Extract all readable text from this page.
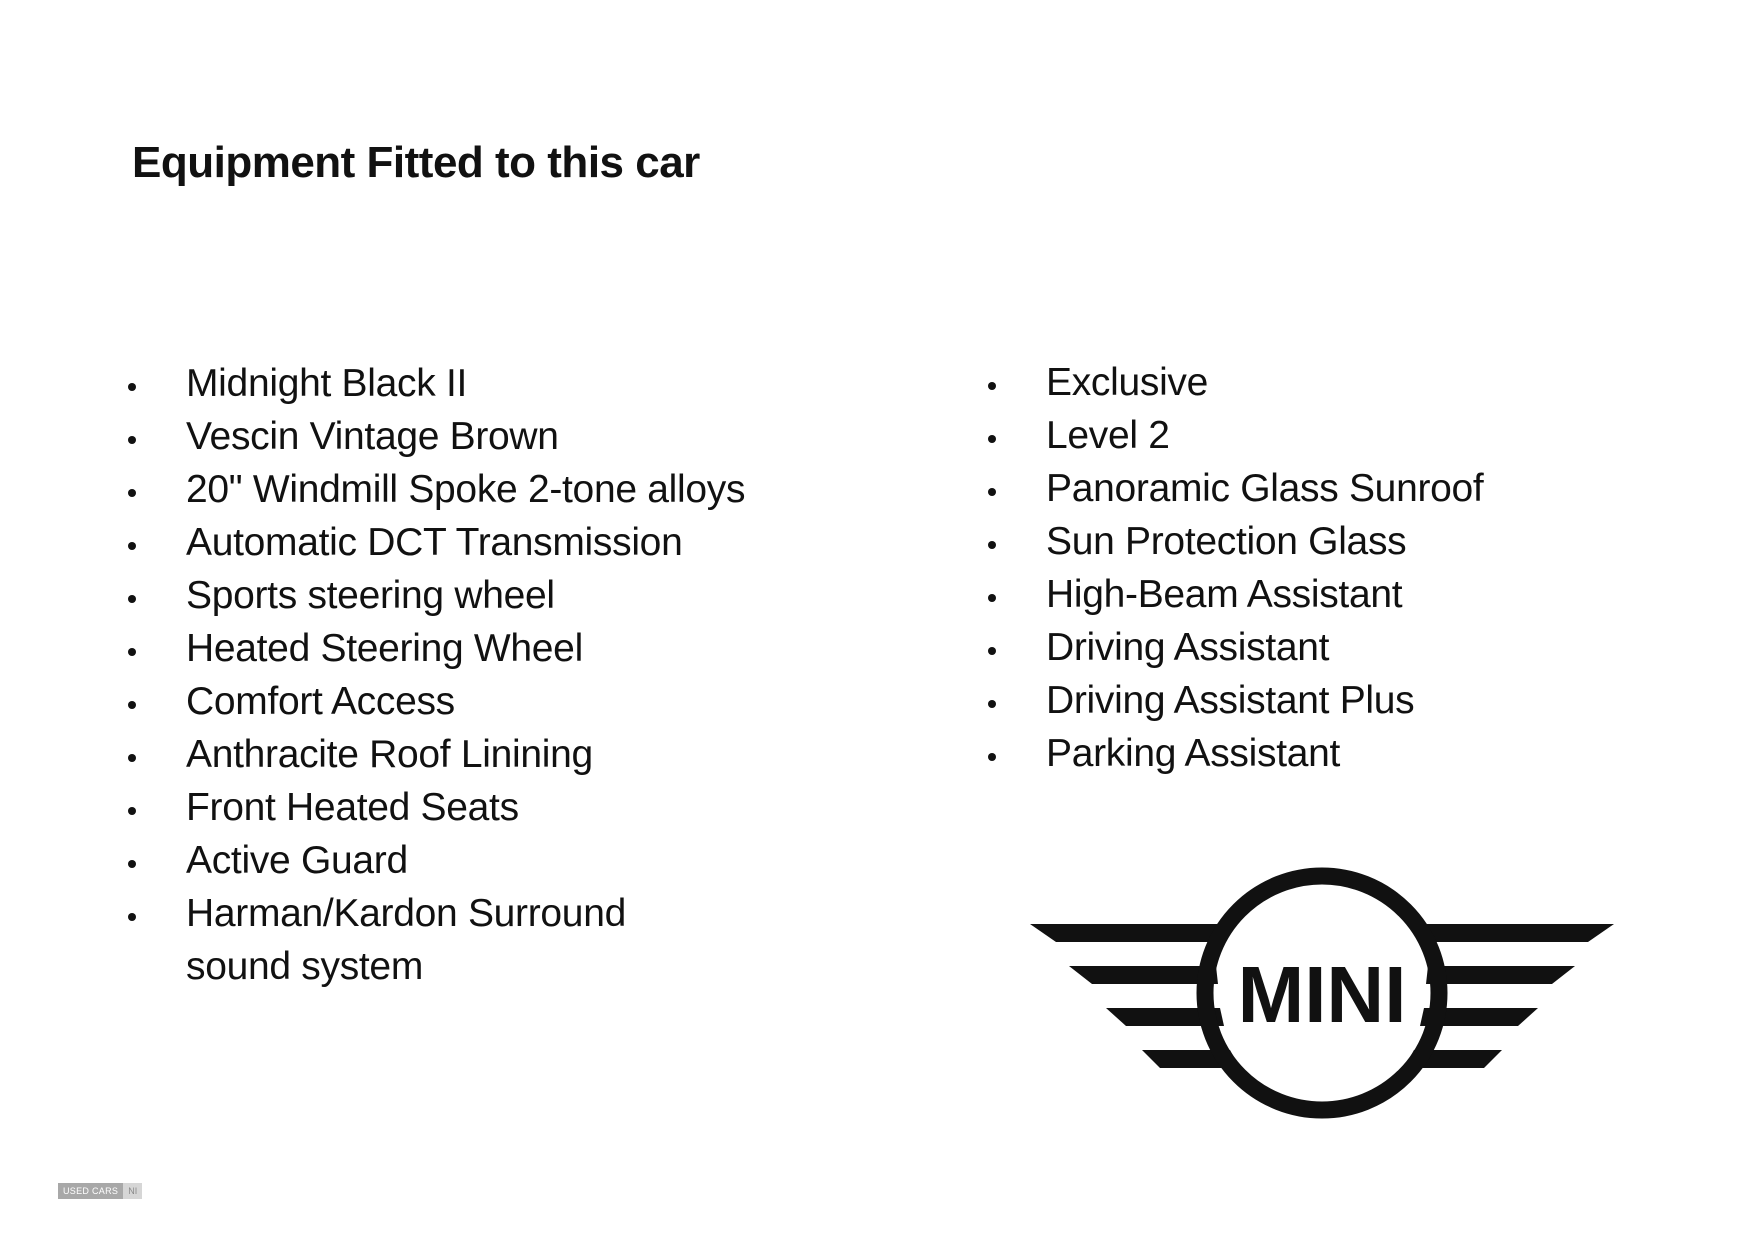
Equipment Fitted to this car
Midnight Black II
Vescin Vintage Brown
20" Windmill Spoke 2-tone alloys
Automatic DCT Transmission
Sports steering wheel
Heated Steering Wheel
Comfort Access
Anthracite Roof Linining
Front Heated Seats
Active Guard
Harman/Kardon Surround sound system
Exclusive
Level 2
Panoramic Glass Sunroof
Sun Protection Glass
High-Beam Assistant
Driving Assistant
Driving Assistant Plus
Parking Assistant
MINI
USED CARS	NI
